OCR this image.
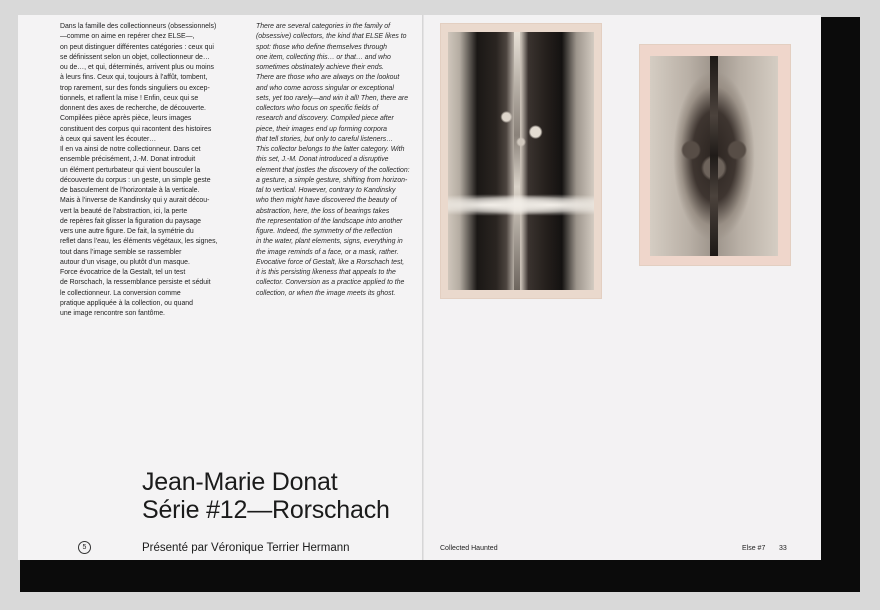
Dans la famille des collectionneurs (obsessionnels)
—comme on aime en repérer chez ELSE—,
on peut distinguer différentes catégories : ceux qui
se définissent selon un objet, collectionneur de…
ou de…, et qui, déterminés, arrivent plus ou moins
à leurs fins. Ceux qui, toujours à l’affût, tombent,
trop rarement, sur des fonds singuliers ou excep-
tionnels, et raflent la mise ! Enfin, ceux qui se
donnent des axes de recherche, de découverte.
Compilées pièce après pièce, leurs images
constituent des corpus qui racontent des histoires
à ceux qui savent les écouter…
Il en va ainsi de notre collectionneur. Dans cet
ensemble précisément, J.-M. Donat introduit
un élément perturbateur qui vient bousculer la
découverte du corpus : un geste, un simple geste
de basculement de l’horizontale à la verticale.
Mais à l’inverse de Kandinsky qui y aurait décou-
vert la beauté de l’abstraction, ici, la perte
de repères fait glisser la figuration du paysage
vers une autre figure. De fait, la symétrie du
reflet dans l’eau, les éléments végétaux, les signes,
tout dans l’image semble se rassembler
autour d’un visage, ou plutôt d’un masque.
Force évocatrice de la Gestalt, tel un test
de Rorschach, la ressemblance persiste et séduit
le collectionneur. La conversion comme
pratique appliquée à la collection, ou quand
une image rencontre son fantôme.
There are several categories in the family of
(obsessive) collectors, the kind that ELSE likes to
spot: those who define themselves through
one item, collecting this… or that… and who
sometimes obstinately achieve their ends.
There are those who are always on the lookout
and who come across singular or exceptional
sets, yet too rarely—and win it all! Then, there are
collectors who focus on specific fields of
research and discovery. Compiled piece after
piece, their images end up forming corpora
that tell stories, but only to careful listeners…
This collector belongs to the latter category. With
this set, J.-M. Donat introduced a disruptive
element that jostles the discovery of the collection:
a gesture, a simple gesture, shifting from horizon-
tal to vertical. However, contrary to Kandinsky
who then might have discovered the beauty of
abstraction, here, the loss of bearings takes
the representation of the landscape into another
figure. Indeed, the symmetry of the reflection
in the water, plant elements, signs, everything in
the image reminds of a face, or a mask, rather.
Evocative force of Gestalt, like a Rorschach test,
it is this persisting likeness that appeals to the
collector. Conversion as a practice applied to the
collection, or when the image meets its ghost.
Jean-Marie Donat
Série #12—Rorschach
5	Présenté par Véronique Terrier Hermann	Collected Haunted	Else #7 33
